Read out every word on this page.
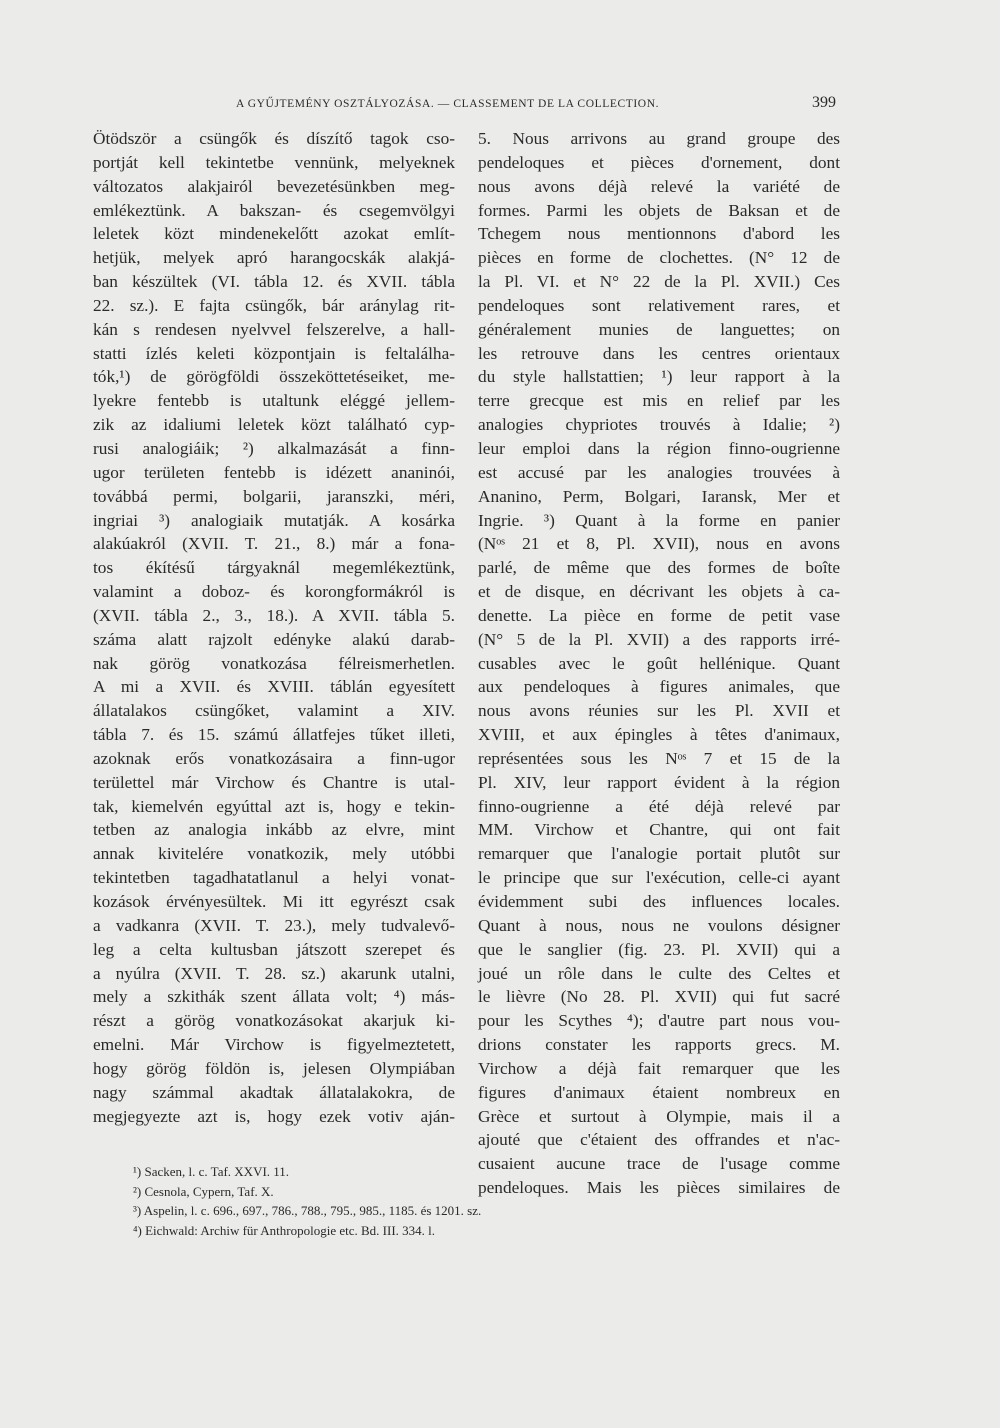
A GYŰJTEMÉNY OSZTÁLYOZÁSA. — CLASSEMENT DE LA COLLECTION.	399
Ötödször a csüngők és díszítő tagok cso-
portját kell tekintetbe vennünk, melyeknek
változatos alakjairól bevezetésünkben meg-
emlékeztünk. A bakszan- és csegemvölgyi
leletek közt mindenekelőtt azokat említ-
hetjük, melyek apró harangocskák alakjá-
ban készültek (VI. tábla 12. és XVII. tábla
22. sz.). E fajta csüngők, bár aránylag rit-
kán s rendesen nyelvvel felszerelve, a hall-
statti ízlés keleti központjain is feltalálha-
tók,¹) de görögföldi összeköttetéseiket, me-
lyekre fentebb is utaltunk eléggé jellem-
zik az idaliumi leletek közt található cyp-
rusi analogiáik; ²) alkalmazását a finn-
ugor területen fentebb is idézett ananinói,
továbbá permi, bolgarii, jaranszki, méri,
ingriai ³) analogiaik mutatják. A kosárka
alakúakról (XVII. T. 21., 8.) már a fona-
tos ékítésű tárgyaknál megemlékeztünk,
valamint a doboz- és korongformákról is
(XVII. tábla 2., 3., 18.). A XVII. tábla 5.
száma alatt rajzolt edényke alakú darab-
nak görög vonatkozása félreismerhetlen.
A mi a XVII. és XVIII. táblán egyesített
állatalakos csüngőket, valamint a XIV.
tábla 7. és 15. számú állatfejes tűket illeti,
azoknak erős vonatkozásaira a finn-ugor
területtel már Virchow és Chantre is utal-
tak, kiemelvén egyúttal azt is, hogy e tekin-
tetben az analogia inkább az elvre, mint
annak kivitelére vonatkozik, mely utóbbi
tekintetben tagadhatatlanul a helyi vonat-
kozások érvényesültek. Mi itt egyrészt csak
a vadkanra (XVII. T. 23.), mely tudvalevő-
leg a celta kultusban játszott szerepet és
a nyúlra (XVII. T. 28. sz.) akarunk utalni,
mely a szkithák szent állata volt; ⁴) más-
részt a görög vonatkozásokat akarjuk ki-
emelni. Már Virchow is figyelmeztetett,
hogy görög földön is, jelesen Olympiában
nagy számmal akadtak állatalakokra, de
megjegyezte azt is, hogy ezek votiv aján-
5. Nous arrivons au grand groupe des
pendeloques et pièces d'ornement, dont
nous avons déjà relevé la variété de
formes. Parmi les objets de Baksan et de
Tchegem nous mentionnons d'abord les
pièces en forme de clochettes. (N° 12 de
la Pl. VI. et N° 22 de la Pl. XVII.) Ces
pendeloques sont relativement rares, et
généralement munies de languettes; on
les retrouve dans les centres orientaux
du style hallstattien; ¹) leur rapport à la
terre grecque est mis en relief par les
analogies chypriotes trouvés à Idalie; ²)
leur emploi dans la région finno-ougrienne
est accusé par les analogies trouvées à
Ananino, Perm, Bolgari, Iaransk, Mer et
Ingrie. ³) Quant à la forme en panier
(Nᵒˢ 21 et 8, Pl. XVII), nous en avons
parlé, de même que des formes de boîte
et de disque, en décrivant les objets à ca-
denette. La pièce en forme de petit vase
(N° 5 de la Pl. XVII) a des rapports irré-
cusables avec le goût hellénique. Quant
aux pendeloques à figures animales, que
nous avons réunies sur les Pl. XVII et
XVIII, et aux épingles à têtes d'animaux,
représentées sous les Nᵒˢ 7 et 15 de la
Pl. XIV, leur rapport évident à la région
finno-ougrienne a été déjà relevé par
MM. Virchow et Chantre, qui ont fait
remarquer que l'analogie portait plutôt sur
le principe que sur l'exécution, celle-ci ayant
évidemment subi des influences locales.
Quant à nous, nous ne voulons désigner
que le sanglier (fig. 23. Pl. XVII) qui a
joué un rôle dans le culte des Celtes et
le lièvre (No 28. Pl. XVII) qui fut sacré
pour les Scythes ⁴); d'autre part nous vou-
drions constater les rapports grecs. M.
Virchow a déjà fait remarquer que les
figures d'animaux étaient nombreux en
Grèce et surtout à Olympie, mais il a
ajouté que c'étaient des offrandes et n'ac-
cusaient aucune trace de l'usage comme
pendeloques. Mais les pièces similaires de
¹) Sacken, l. c. Taf. XXVI. 11.
²) Cesnola, Cypern, Taf. X.
³) Aspelin, l. c. 696., 697., 786., 788., 795., 985., 1185. és 1201. sz.
⁴) Eichwald: Archiw für Anthropologie etc. Bd. III. 334. l.
